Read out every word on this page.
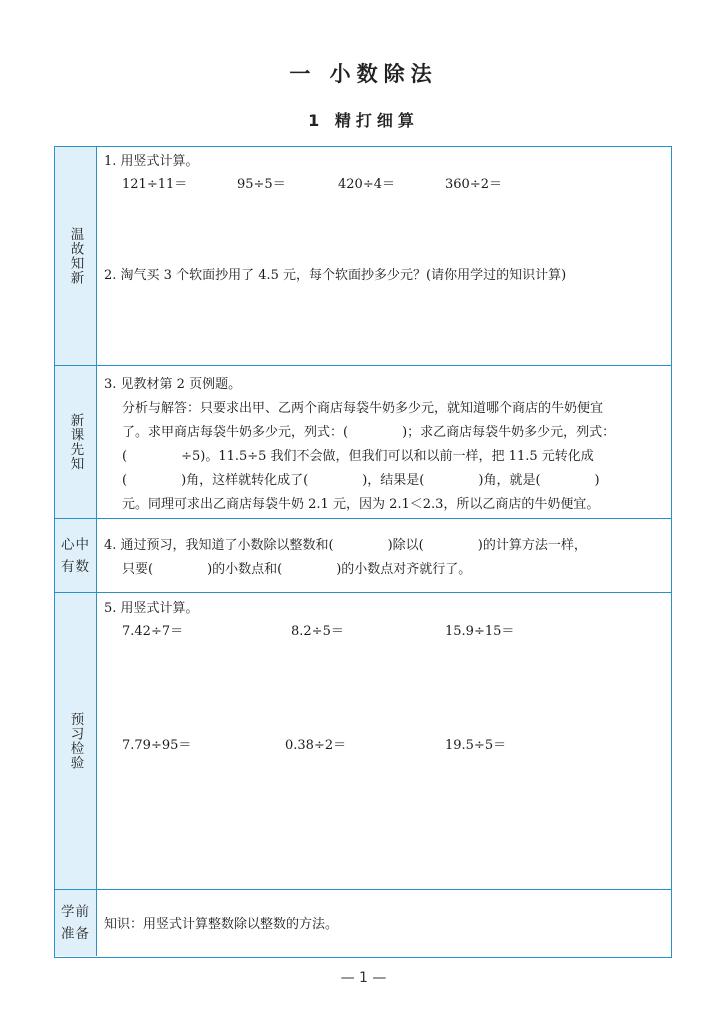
一 小数除法
1 精打细算
温故知新
1. 用竖式计算。
121÷11＝	95÷5＝	420÷4＝	360÷2＝
2. 淘气买 3 个软面抄用了 4.5 元，每个软面抄多少元？(请你用学过的知识计算)
新课先知
3. 见教材第 2 页例题。
分析与解答：只要求出甲、乙两个商店每袋牛奶多少元，就知道哪个商店的牛奶便宜
了。求甲商店每袋牛奶多少元，列式：(	)；求乙商店每袋牛奶多少元，列式：
(	÷5)。11.5÷5 我们不会做，但我们可以和以前一样，把 11.5 元转化成
(	)角，这样就转化成了(	)，结果是(	)角，就是(	)
元。同理可求出乙商店每袋牛奶 2.1 元，因为 2.1＜2.3，所以乙商店的牛奶便宜。
心中有数
4. 通过预习，我知道了小数除以整数和(	)除以(	)的计算方法一样，
只要(	)的小数点和(	)的小数点对齐就行了。
预习检验
5. 用竖式计算。
7.42÷7＝	8.2÷5＝	15.9÷15＝
7.79÷95＝	0.38÷2＝	19.5÷5＝
学前准备
知识：用竖式计算整数除以整数的方法。
— 1 —
